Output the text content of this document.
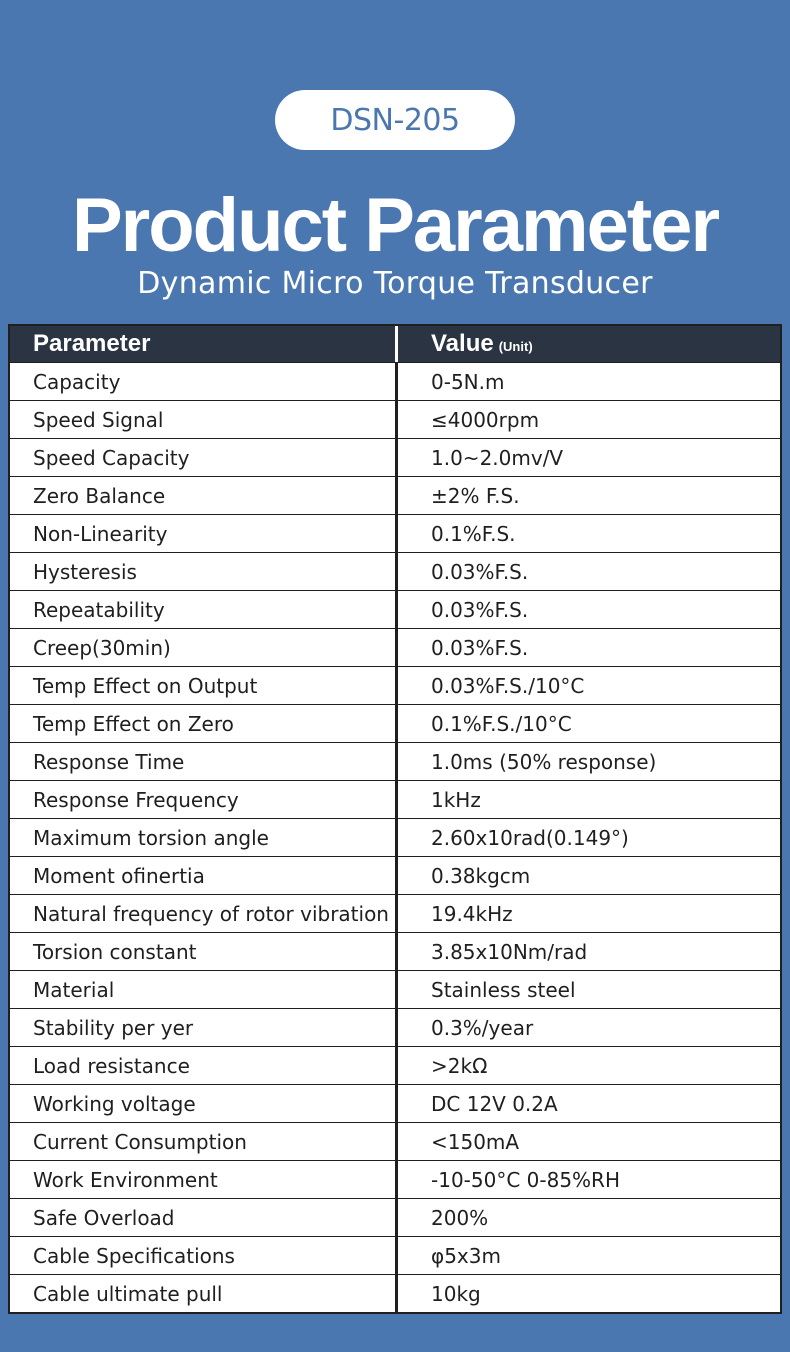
DSN-205
Product Parameter
Dynamic Micro Torque Transducer
Parameter	Value (Unit)
Capacity	0-5N.m
Speed Signal	≤4000rpm
Speed Capacity	1.0~2.0mv/V
Zero Balance	±2% F.S.
Non-Linearity	0.1%F.S.
Hysteresis	0.03%F.S.
Repeatability	0.03%F.S.
Creep(30min)	0.03%F.S.
Temp Effect on Output	0.03%F.S./10°C
Temp Effect on Zero	0.1%F.S./10°C
Response Time	1.0ms (50% response)
Response Frequency	1kHz
Maximum torsion angle	2.60x10rad(0.149°)
Moment ofinertia	0.38kgcm
Natural frequency of rotor vibration	19.4kHz
Torsion constant	3.85x10Nm/rad
Material	Stainless steel
Stability per yer	0.3%/year
Load resistance	>2kΩ
Working voltage	DC 12V 0.2A
Current Consumption	<150mA
Work Environment	-10-50°C 0-85%RH
Safe Overload	200%
Cable Specifications	φ5x3m
Cable ultimate pull	10kg
